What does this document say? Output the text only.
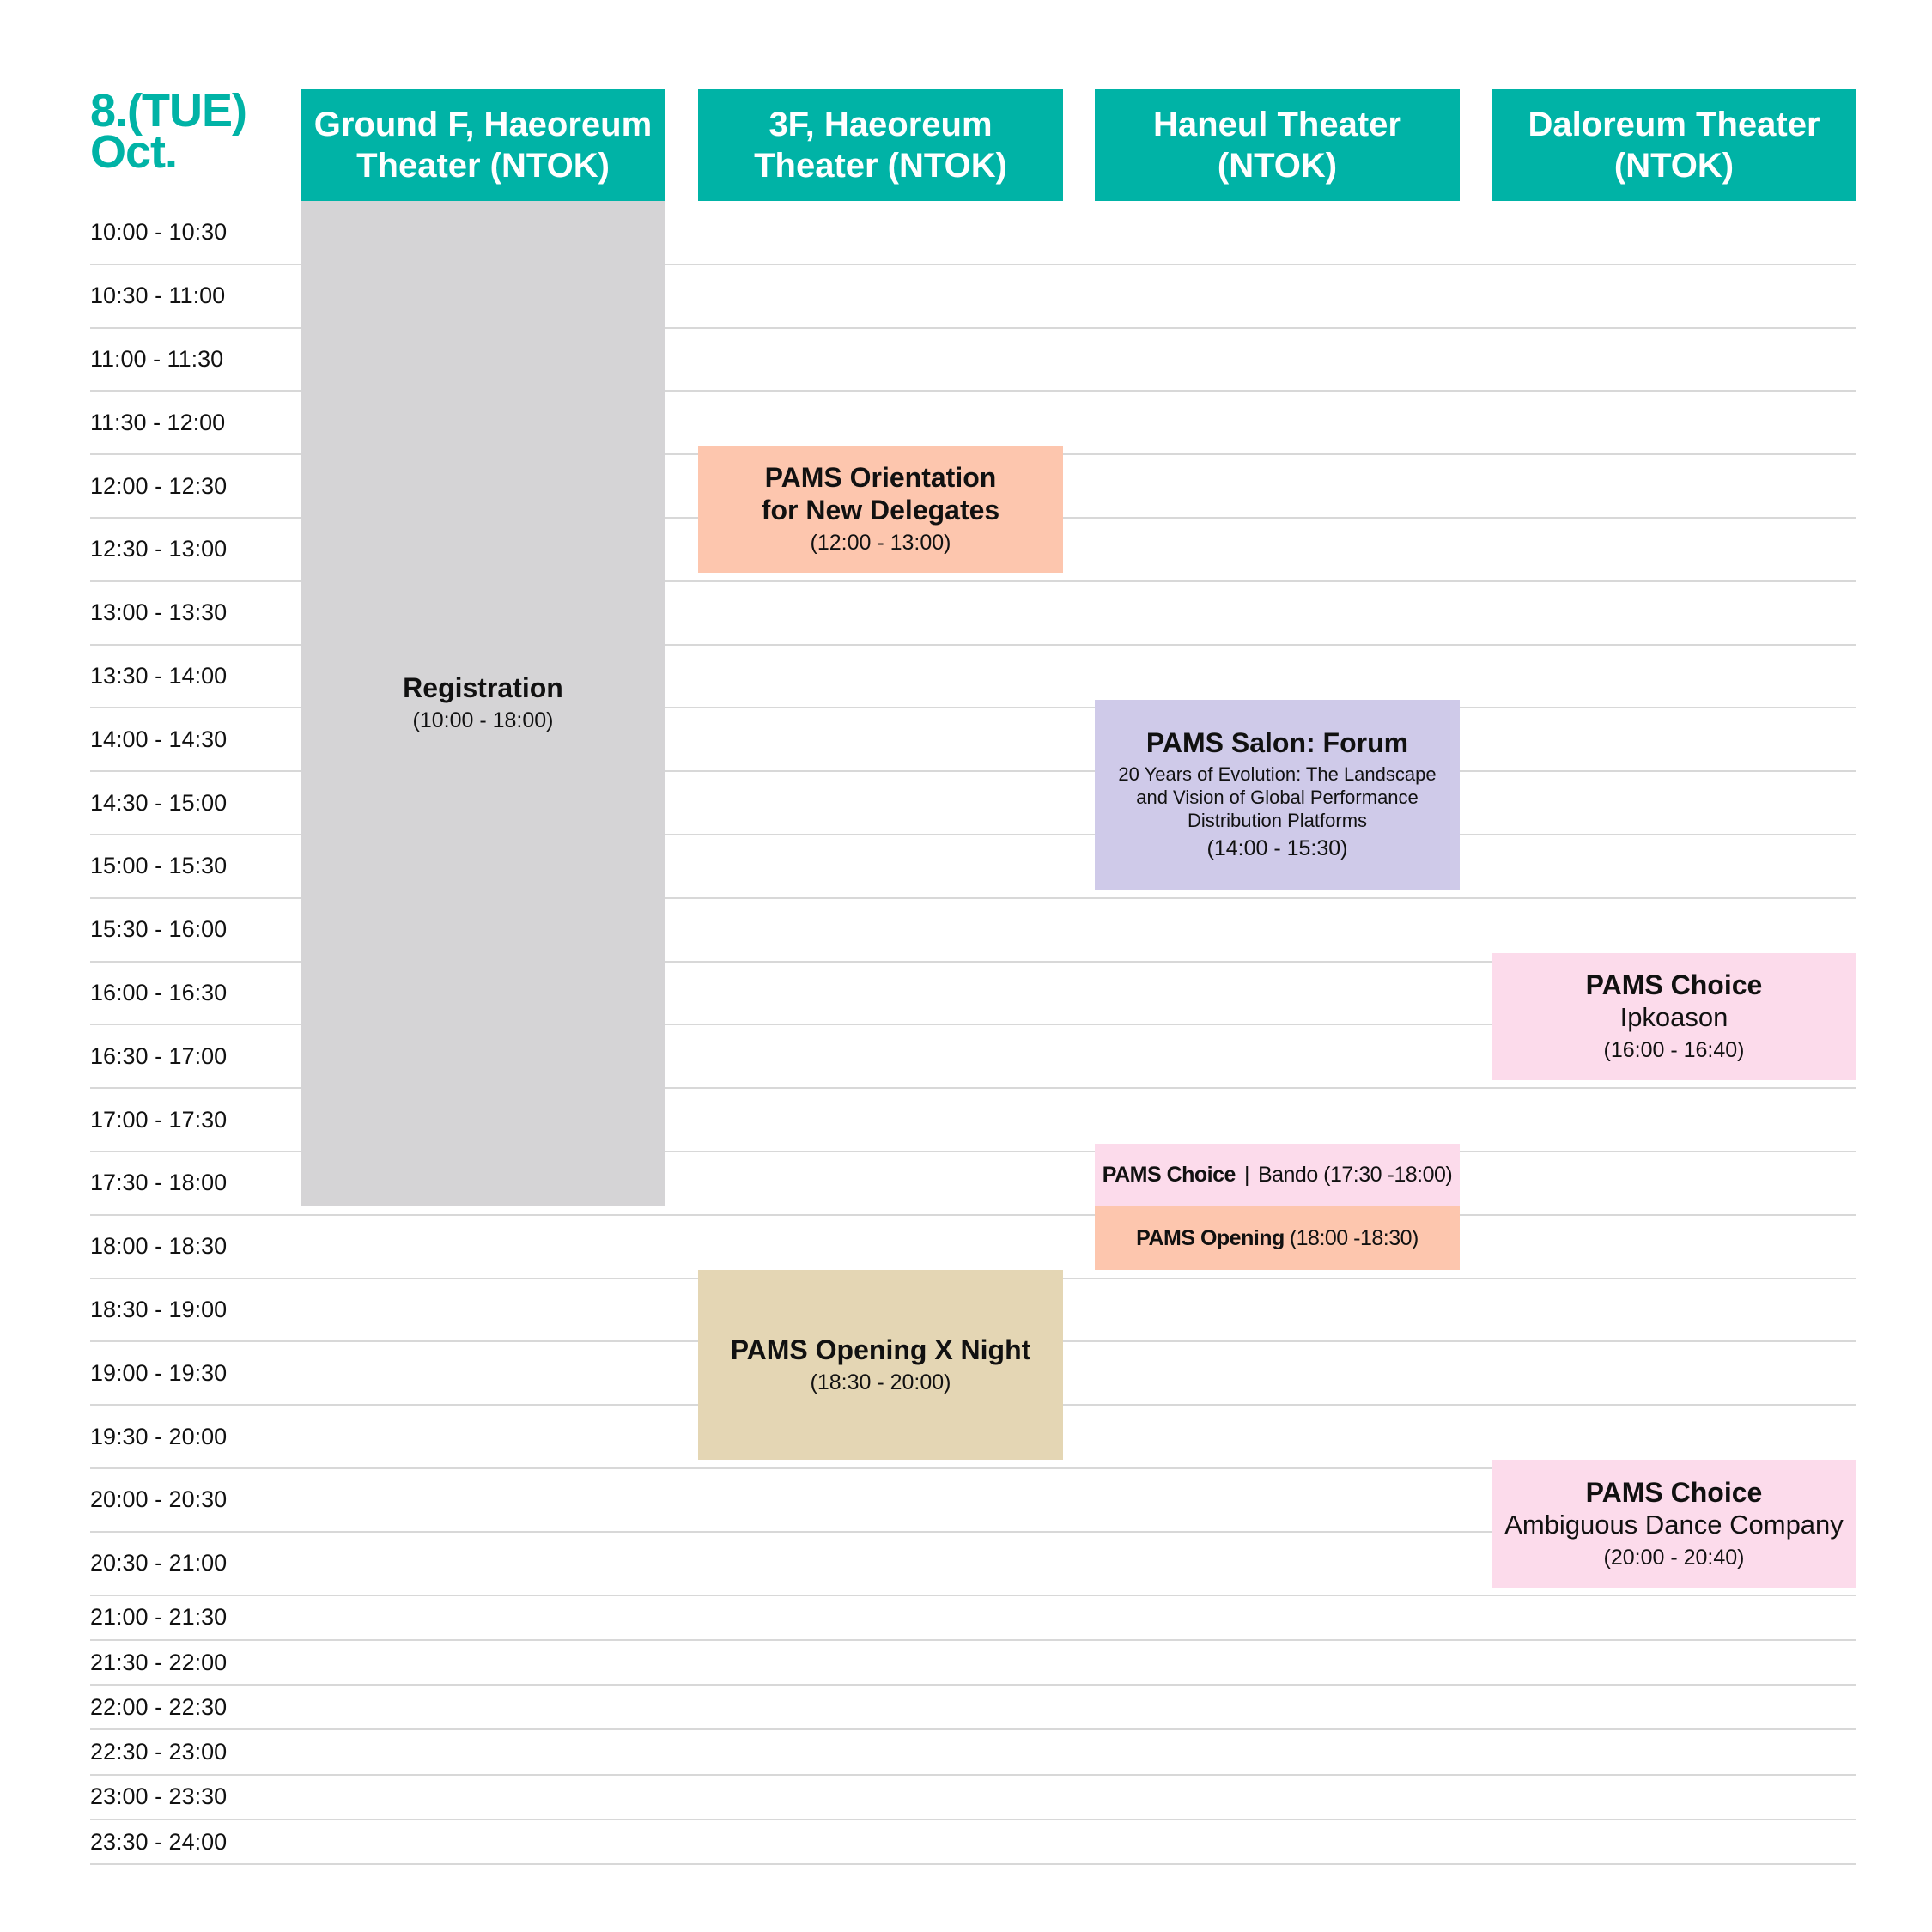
8.(TUE)
Oct.
Ground F, Haeoreum
Theater (NTOK)
3F, Haeoreum
Theater (NTOK)
Haneul Theater
(NTOK)
Daloreum Theater
(NTOK)
10:00 - 10:30
10:30 - 11:00
11:00 - 11:30
11:30 - 12:00
12:00 - 12:30
12:30 - 13:00
13:00 - 13:30
13:30 - 14:00
14:00 - 14:30
14:30 - 15:00
15:00 - 15:30
15:30 - 16:00
16:00 - 16:30
16:30 - 17:00
17:00 - 17:30
17:30 - 18:00
18:00 - 18:30
18:30 - 19:00
19:00 - 19:30
19:30 - 20:00
20:00 - 20:30
20:30 - 21:00
21:00 - 21:30
21:30 - 22:00
22:00 - 22:30
22:30 - 23:00
23:00 - 23:30
23:30 - 24:00
Registration
(10:00 - 18:00)
PAMS Orientation
for New Delegates
(12:00 - 13:00)
PAMS Salon: Forum
20 Years of Evolution: The Landscape
and Vision of Global Performance
Distribution Platforms
(14:00 - 15:30)
PAMS Choice
Ipkoason
(16:00 - 16:40)
PAMS Choice | Bando (17:30 -18:00)
PAMS Opening (18:00 -18:30)
PAMS Opening X Night
(18:30 - 20:00)
PAMS Choice
Ambiguous Dance Company
(20:00 - 20:40)
